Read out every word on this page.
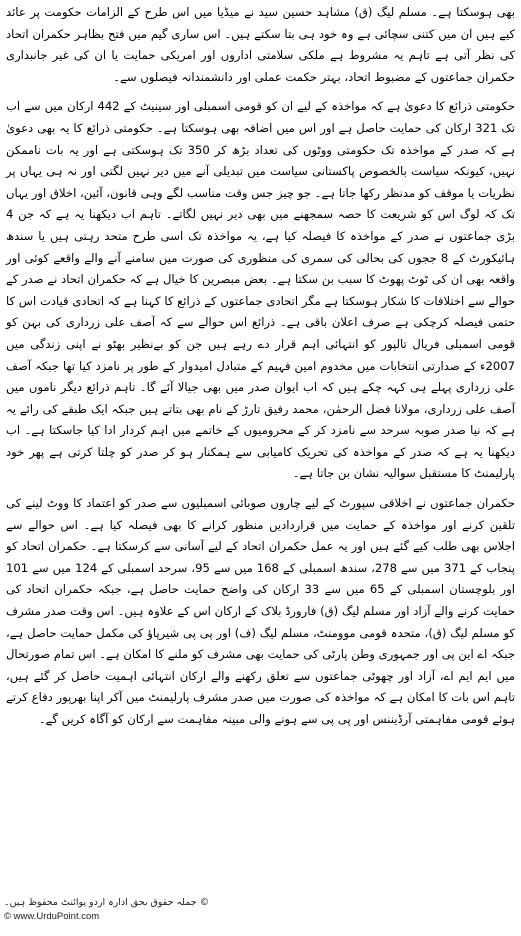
بھی ہوسکتا ہے۔ مسلم لیگ (ق) مشاہد حسین سید نے میڈیا میں اس طرح کے الزامات حکومت پر عائد کیے ہیں ان میں کتنی سچائی ہے وہ خود ہی بتا سکتے ہیں۔ اس ساری گیم میں فتح بظاہر حکمران اتحاد کی نظر آتی ہے تاہم یہ مشروط ہے ملکی سلامتی اداروں اور امریکی حمایت یا ان کی غیر جانبداری حکمران جماعتوں کے مضبوط اتحاد، بہتر حکمت عملی اور دانشمندانہ فیصلوں سے۔

حکومتی ذرائع کا دعویٰ ہے کہ مواخذہ کے لیے ان کو قومی اسمبلی اور سینیٹ کے 442 ارکان میں سے اب تک 321 ارکان کی حمایت حاصل ہے اور اس میں اضافہ بھی ہوسکتا ہے۔ حکومتی ذرائع کا یہ بھی دعویٰ ہے کہ صدر کے مواخذہ تک حکومتی ووٹوں کی تعداد بڑھ کر 350 تک ہوسکتی ہے اور یہ بات ناممکن نہیں، کیونکہ سیاست بالخصوص پاکستانی سیاست میں تبدیلی آنے میں دیر نہیں لگتی اور نہ ہی یہاں پر نظریات یا موقف کو مدنظر رکھا جاتا ہے۔ جو چیز جس وقت مناسب لگے وہی قانون، آئین، اخلاق اور یہاں تک کہ لوگ اس کو شریعت کا حصہ سمجھنے میں بھی دیر نہیں لگاتے۔ تاہم اب دیکھنا یہ ہے کہ جن 4 بڑی جماعتوں نے صدر کے مواخذہ کا فیصلہ کیا ہے، یہ مواخذہ تک اسی طرح متحد رہتی ہیں یا سندھ ہائیکورٹ کے 8 ججوں کی بحالی کی سمری کی منظوری کی صورت میں سامنے آنے والے واقعے کوئی اور واقعہ بھی ان کی ٹوٹ پھوٹ کا سبب بن سکتا ہے۔ بعض مبصرین کا خیال ہے کہ حکمران اتحاد نے صدر کے حوالے سے اختلافات کا شکار ہوسکتا ہے مگر اتحادی جماعتوں کے ذرائع کا کہنا ہے کہ اتحادی قیادت اس کا حتمی فیصلہ کرچکی ہے صرف اعلان باقی ہے۔ ذرائع اس حوالے سے کہ آصف علی زرداری کی بہن کو قومی اسمبلی فریال تالپور کو انتہائی اہم قرار دے رہے ہیں جن کو بےنظیر بھٹو نے اپنی زندگی میں 2007ء کے صدارتی انتخابات میں مخدوم امین فہیم کے متبادل امیدوار کے طور پر نامزد کیا تھا جبکہ آصف علی زرداری پہلے ہی کہہ چکے ہیں کہ اب ایوان صدر میں بھی جیالا آئے گا۔ تاہم ذرائع دیگر ناموں میں آصف علی زرداری، مولانا فضل الرحمٰن، محمد رفیق تارڑ کے نام بھی بتاتے ہیں جبکہ ایک طبقے کی رائے یہ ہے کہ نیا صدر صوبہ سرحد سے نامزد کر کے محرومیوں کے خاتمے میں اہم کردار ادا کیا جاسکتا ہے۔ اب دیکھنا یہ ہے کہ صدر کے مواخذہ کی تحریک کامیابی سے ہمکنار ہو کر صدر کو چلتا کرتی ہے پھر خود پارلیمنٹ کا مستقبل سوالیہ نشان بن جاتا ہے۔

حکمران جماعتوں نے اخلاقی سپورٹ کے لیے چاروں صوبائی اسمبلیوں سے صدر کو اعتماد کا ووٹ لینے کی تلقین کرنے اور مواخذہ کے حمایت میں قراردادیں منظور کرانے کا بھی فیصلہ کیا ہے۔ اس حوالے سے اجلاس بھی طلب کیے گئے ہیں اور یہ عمل حکمران اتحاد کے لیے آسانی سے کرسکتا ہے۔ حکمران اتحاد کو پنجاب کے 371 میں سے 278، سندھ اسمبلی کے 168 میں سے 95، سرحد اسمبلی کے 124 میں سے 101 اور بلوچستان اسمبلی کے 65 میں سے 33 ارکان کی واضح حمایت حاصل ہے، جبکہ حکمران اتحاد کی حمایت کرنے والے آزاد اور مسلم لیگ (ق) فارورڈ بلاک کے ارکان اس کے علاوہ ہیں۔ اس وقت صدر مشرف کو مسلم لیگ (ق)، متحدہ قومی موومنٹ، مسلم لیگ (ف) اور پی پی شیرپاؤ کی مکمل حمایت حاصل ہے، جبکہ اے این پی اور جمہوری وطن پارٹی کی حمایت بھی مشرف کو ملنے کا امکان ہے۔ اس تمام صورتحال میں ایم ایم اے، آزاد اور چھوٹی جماعتوں سے تعلق رکھنے والے ارکان انتہائی اہمیت حاصل کر گئے ہیں، تاہم اس بات کا امکان ہے کہ مواخذہ کی صورت میں صدر مشرف پارلیمنٹ میں آکر اپنا بھرپور دفاع کرتے ہوئے قومی مفاہمتی آرڈیننس اور پی پی سے ہونے والی مبینہ مفاہمت سے ارکان کو آگاہ کریں گے۔

© جملہ حقوق بحق ادارہ اردو پوائنٹ محفوظ ہیں۔
© www.UrduPoint.com
